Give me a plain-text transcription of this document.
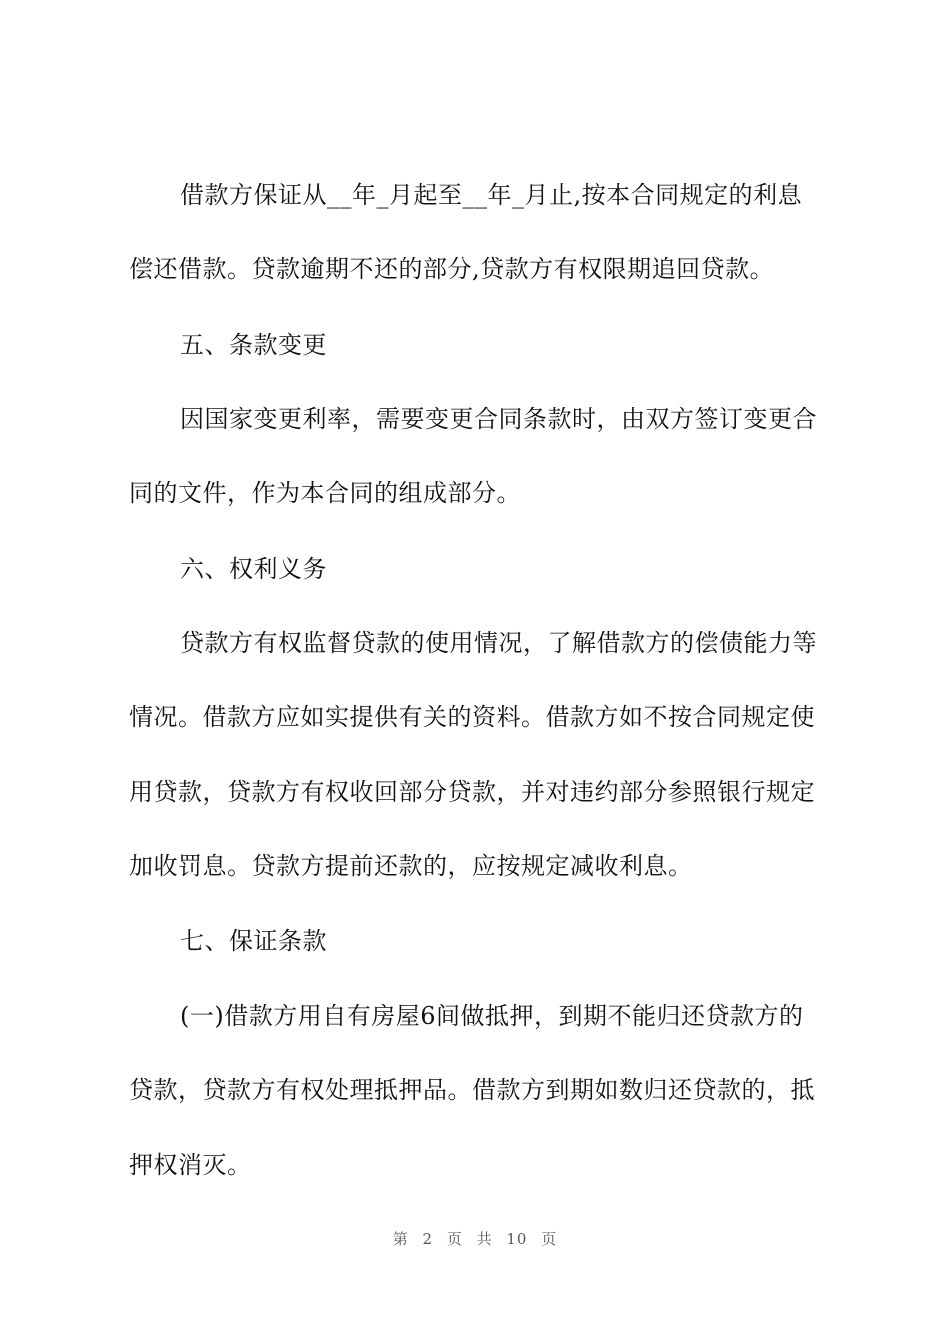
借款方保证从__年_月起至__年_月止,按本合同规定的利息
偿还借款。贷款逾期不还的部分,贷款方有权限期追回贷款。
五、条款变更
因国家变更利率，需要变更合同条款时，由双方签订变更合
同的文件，作为本合同的组成部分。
六、权利义务
贷款方有权监督贷款的使用情况，了解借款方的偿债能力等
情况。借款方应如实提供有关的资料。借款方如不按合同规定使
用贷款，贷款方有权收回部分贷款，并对违约部分参照银行规定
加收罚息。贷款方提前还款的，应按规定减收利息。
七、保证条款
(一)借款方用自有房屋6间做抵押，到期不能归还贷款方的
贷款，贷款方有权处理抵押品。借款方到期如数归还贷款的，抵
押权消灭。
第 2 页 共 10 页
